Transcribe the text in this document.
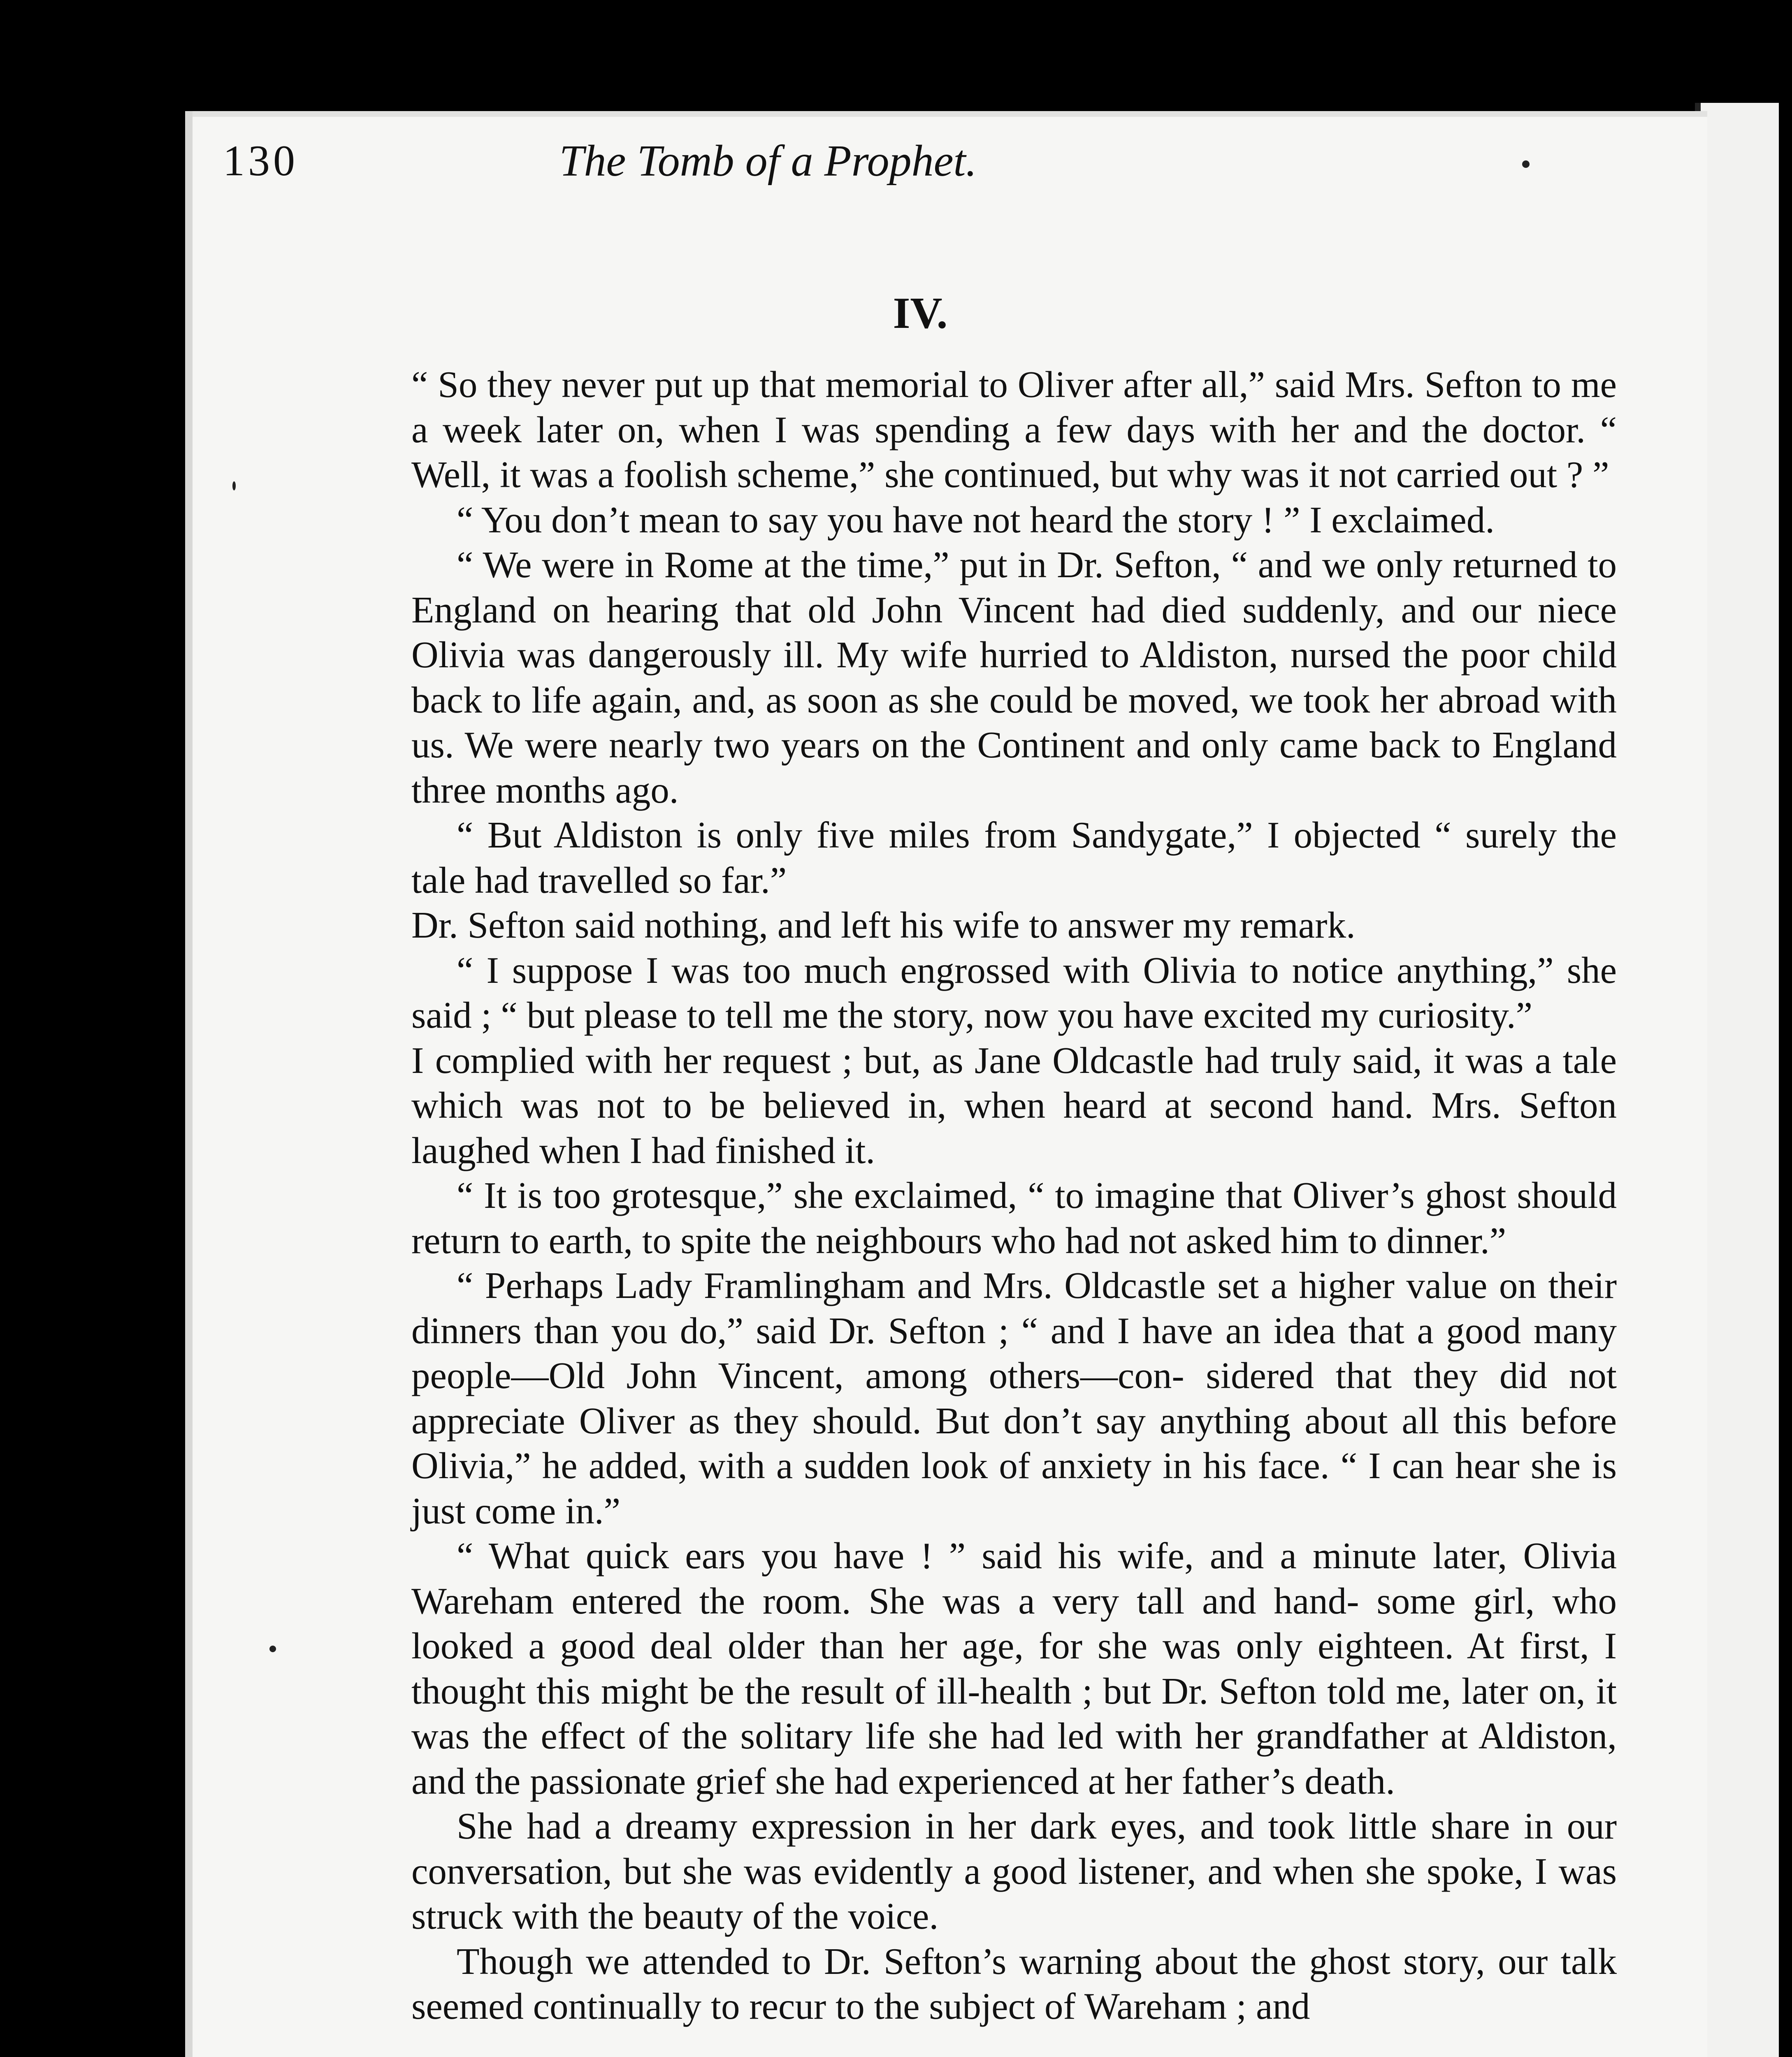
130	The Tomb of a Prophet.
IV.

“ So they never put up that memorial to Oliver after all,” said Mrs. Sefton to me a week later on, when I was spending a few days with her and the doctor. “ Well, it was a foolish scheme,” she continued, but why was it not carried out ? ”

“ You don’t mean to say you have not heard the story ! ” I exclaimed.

“ We were in Rome at the time,” put in Dr. Sefton, “ and we only returned to England on hearing that old John Vincent had died suddenly, and our niece Olivia was dangerously ill. My wife hurried to Aldiston, nursed the poor child back to life again, and, as soon as she could be moved, we took her abroad with us. We were nearly two years on the Continent and only came back to England three months ago.

“ But Aldiston is only five miles from Sandygate,” I objected “ surely the tale had travelled so far.”

Dr. Sefton said nothing, and left his wife to answer my remark.

“ I suppose I was too much engrossed with Olivia to notice anything,” she said ; “ but please to tell me the story, now you have excited my curiosity.”

I complied with her request ; but, as Jane Oldcastle had truly said, it was a tale which was not to be believed in, when heard at second hand. Mrs. Sefton laughed when I had finished it.

“ It is too grotesque,” she exclaimed, “ to imagine that Oliver’s ghost should return to earth, to spite the neighbours who had not asked him to dinner.”

“ Perhaps Lady Framlingham and Mrs. Oldcastle set a higher value on their dinners than you do,” said Dr. Sefton ; “ and I have an idea that a good many people—Old John Vincent, among others—con- sidered that they did not appreciate Oliver as they should. But don’t say anything about all this before Olivia,” he added, with a sudden look of anxiety in his face. “ I can hear she is just come in.”

“ What quick ears you have ! ” said his wife, and a minute later, Olivia Wareham entered the room. She was a very tall and hand- some girl, who looked a good deal older than her age, for she was only eighteen. At first, I thought this might be the result of ill-health ; but Dr. Sefton told me, later on, it was the effect of the solitary life she had led with her grandfather at Aldiston, and the passionate grief she had experienced at her father’s death.

She had a dreamy expression in her dark eyes, and took little share in our conversation, but she was evidently a good listener, and when she spoke, I was struck with the beauty of the voice.

Though we attended to Dr. Sefton’s warning about the ghost story, our talk seemed continually to recur to the subject of Wareham ; and
